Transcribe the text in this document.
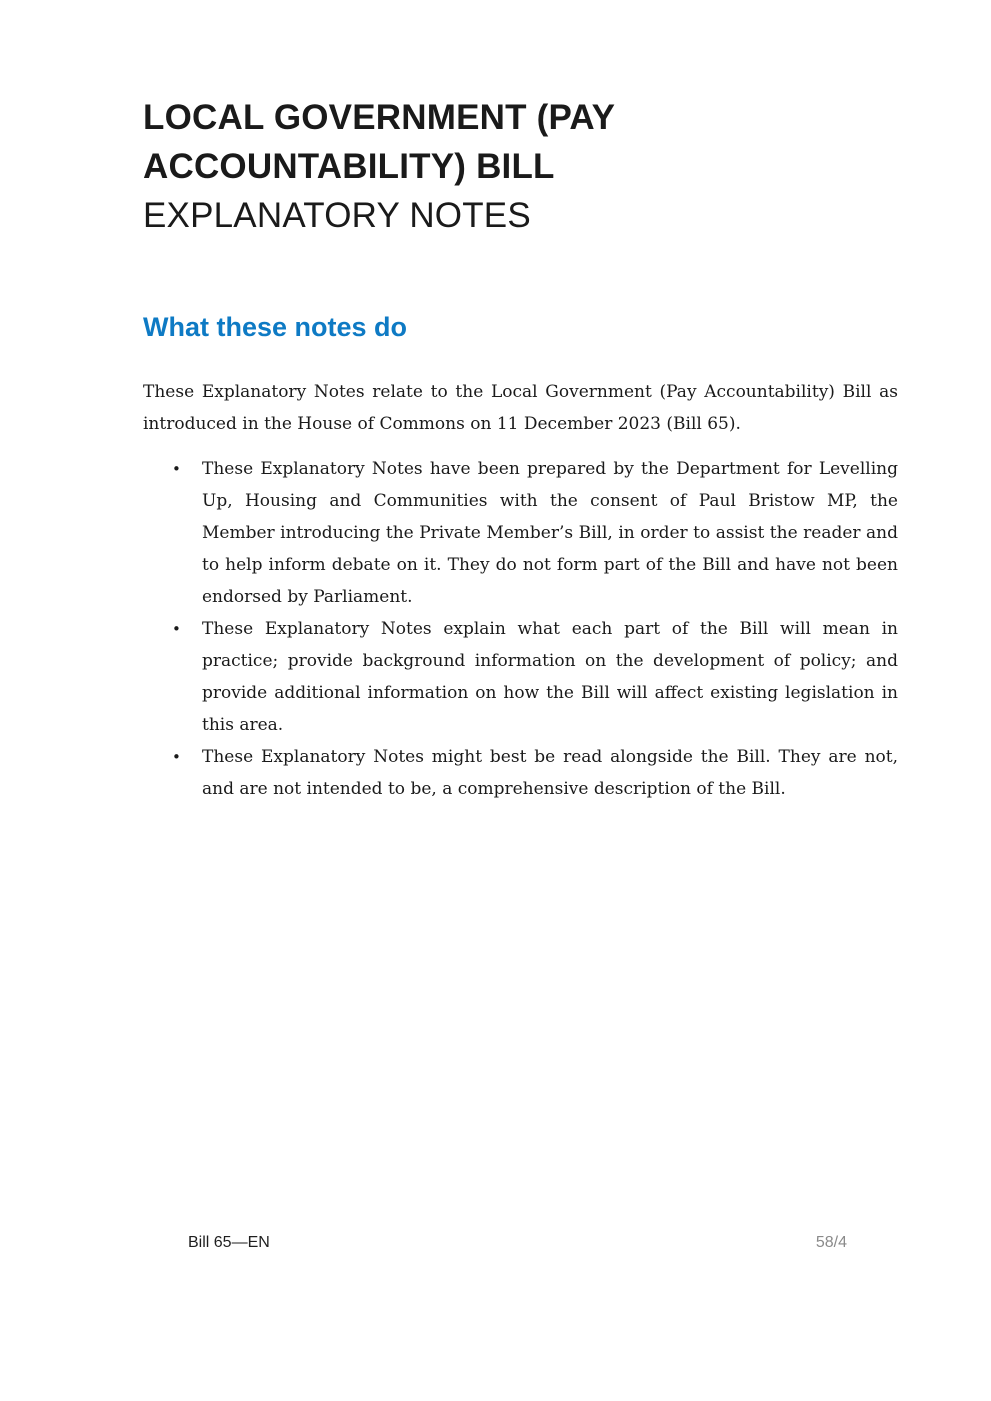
LOCAL GOVERNMENT (PAY
ACCOUNTABILITY) BILL
EXPLANATORY NOTES
What these notes do

These Explanatory Notes relate to the Local Government (Pay Accountability) Bill as introduced in the House of Commons on 11 December 2023 (Bill 65).

• These Explanatory Notes have been prepared by the Department for Levelling Up, Housing and Communities with the consent of Paul Bristow MP, the Member introducing the Private Member’s Bill, in order to assist the reader and to help inform debate on it. They do not form part of the Bill and have not been endorsed by Parliament.
• These Explanatory Notes explain what each part of the Bill will mean in practice; provide background information on the development of policy; and provide additional information on how the Bill will affect existing legislation in this area.
• These Explanatory Notes might best be read alongside the Bill. They are not, and are not intended to be, a comprehensive description of the Bill.
Bill 65—EN	58/4
